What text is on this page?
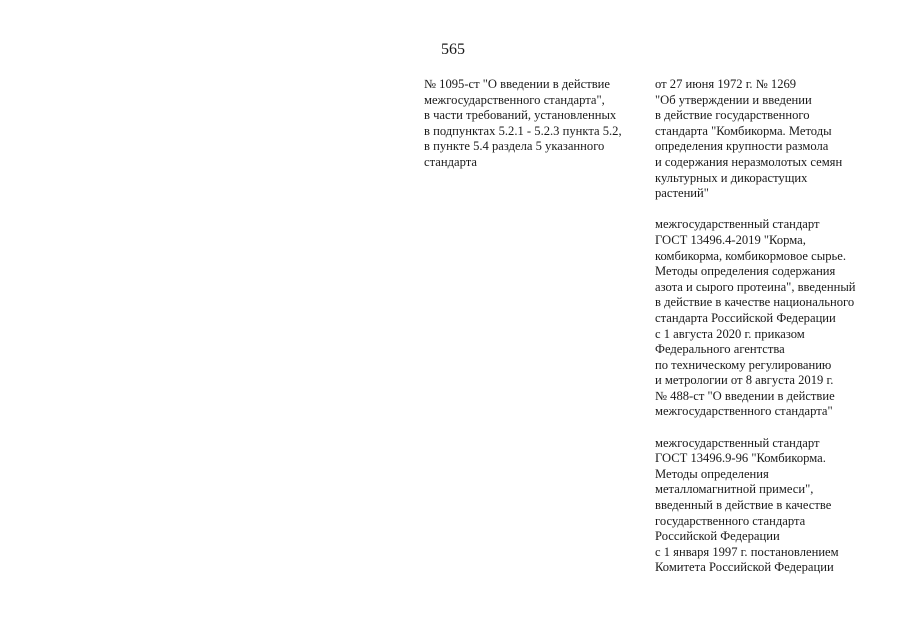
565
№ 1095-ст "О введении в действие
межгосударственного стандарта",
в части требований, установленных
в подпунктах 5.2.1 - 5.2.3 пункта 5.2,
в пункте 5.4 раздела 5 указанного
стандарта
от 27 июня 1972 г. № 1269
"Об утверждении и введении
в действие государственного
стандарта "Комбикорма. Методы
определения крупности размола
и содержания неразмолотых семян
культурных и дикорастущих
растений"
межгосударственный стандарт
ГОСТ 13496.4-2019 "Корма,
комбикорма, комбикормовое сырье.
Методы определения содержания
азота и сырого протеина", введенный
в действие в качестве национального
стандарта Российской Федерации
с 1 августа 2020 г. приказом
Федерального агентства
по техническому регулированию
и метрологии от 8 августа 2019 г.
№ 488-ст "О введении в действие
межгосударственного стандарта"
межгосударственный стандарт
ГОСТ 13496.9-96 "Комбикорма.
Методы определения
металломагнитной примеси",
введенный в действие в качестве
государственного стандарта
Российской Федерации
с 1 января 1997 г. постановлением
Комитета Российской Федерации
